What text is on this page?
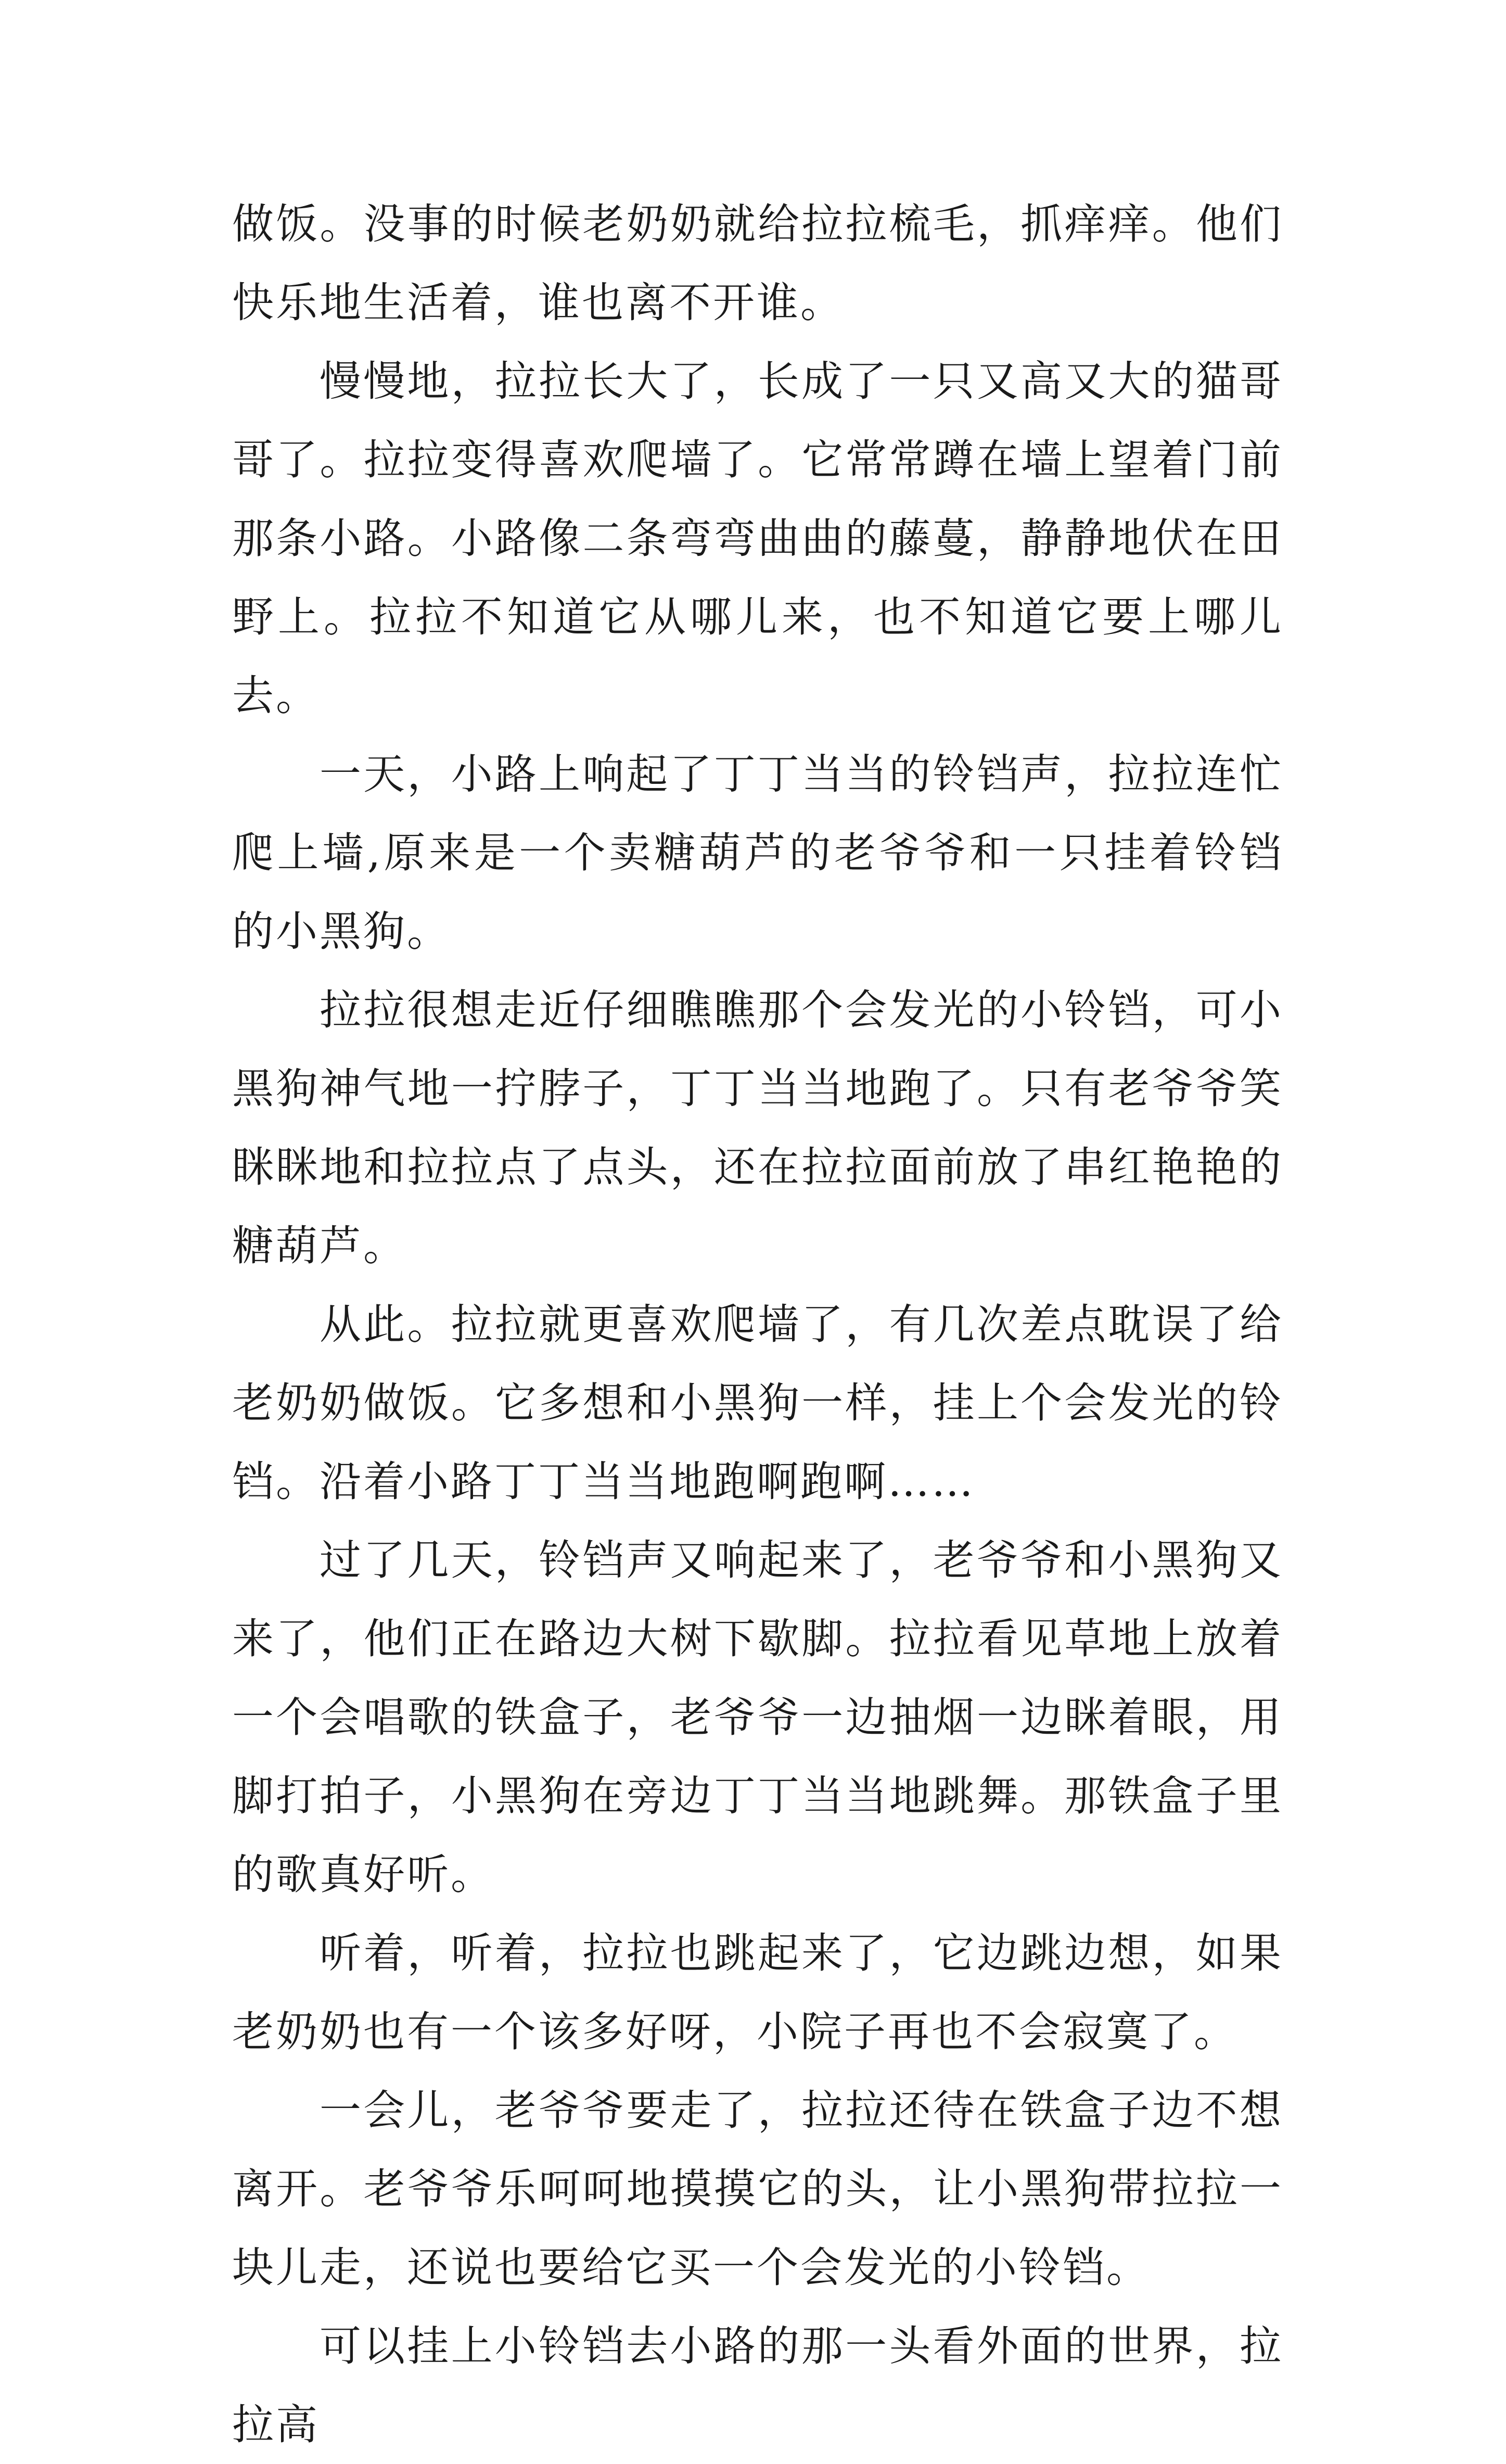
做饭。没事的时候老奶奶就给拉拉梳毛，抓痒痒。他们快乐地生活着，谁也离不开谁。

慢慢地，拉拉长大了，长成了一只又高又大的猫哥哥了。拉拉变得喜欢爬墙了。它常常蹲在墙上望着门前那条小路。小路像二条弯弯曲曲的藤蔓，静静地伏在田野上。拉拉不知道它从哪儿来，也不知道它要上哪儿去。

一天，小路上响起了丁丁当当的铃铛声，拉拉连忙爬上墙,原来是一个卖糖葫芦的老爷爷和一只挂着铃铛的小黑狗。

拉拉很想走近仔细瞧瞧那个会发光的小铃铛，可小黑狗神气地一拧脖子，丁丁当当地跑了。只有老爷爷笑眯眯地和拉拉点了点头，还在拉拉面前放了串红艳艳的糖葫芦。

从此。拉拉就更喜欢爬墙了，有几次差点耽误了给老奶奶做饭。它多想和小黑狗一样，挂上个会发光的铃铛。沿着小路丁丁当当地跑啊跑啊……

过了几天，铃铛声又响起来了，老爷爷和小黑狗又来了，他们正在路边大树下歇脚。拉拉看见草地上放着一个会唱歌的铁盒子，老爷爷一边抽烟一边眯着眼，用脚打拍子，小黑狗在旁边丁丁当当地跳舞。那铁盒子里的歌真好听。

听着，听着，拉拉也跳起来了，它边跳边想，如果老奶奶也有一个该多好呀，小院子再也不会寂寞了。

一会儿，老爷爷要走了，拉拉还待在铁盒子边不想离开。老爷爷乐呵呵地摸摸它的头，让小黑狗带拉拉一块儿走，还说也要给它买一个会发光的小铃铛。

可以挂上小铃铛去小路的那一头看外面的世界，拉拉高
